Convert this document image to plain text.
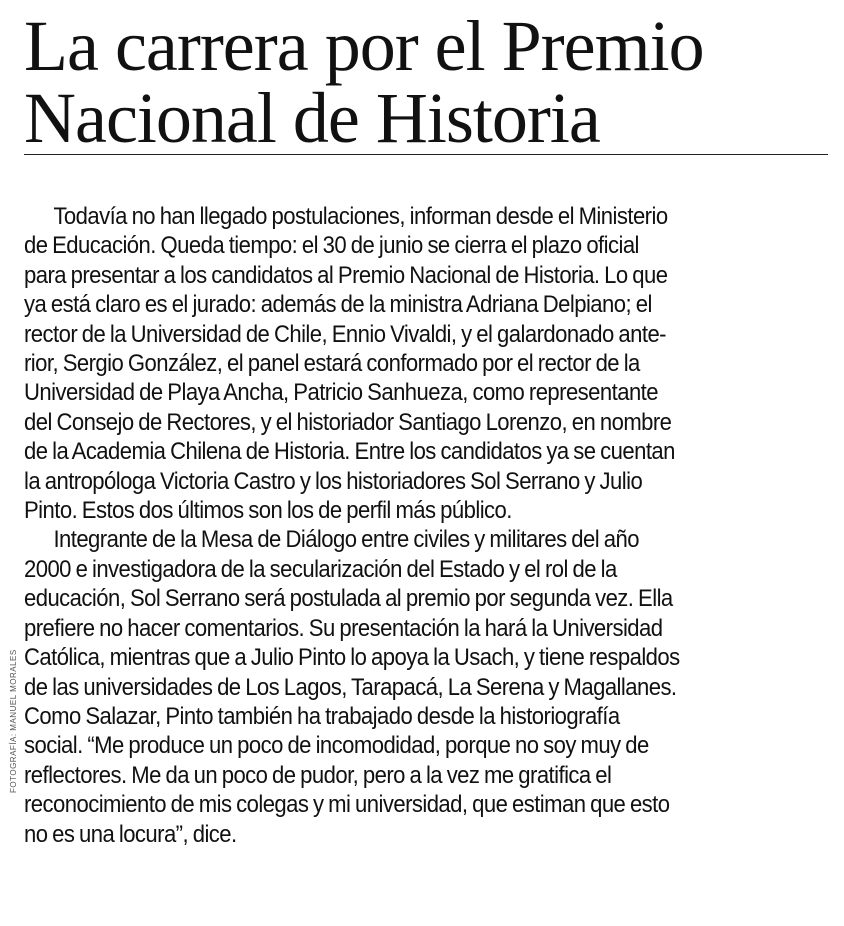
FOTOGRAFÍA: MANUEL MORALES
La carrera por el Premio
Nacional de Historia
Todavía no han llegado postulaciones, informan desde el Ministerio
de Educación. Queda tiempo: el 30 de junio se cierra el plazo oficial
para presentar a los candidatos al Premio Nacional de Historia. Lo que
ya está claro es el jurado: además de la ministra Adriana Delpiano; el
rector de la Universidad de Chile, Ennio Vivaldi, y el galardonado ante-
rior, Sergio González, el panel estará conformado por el rector de la
Universidad de Playa Ancha, Patricio Sanhueza, como representante
del Consejo de Rectores, y el historiador Santiago Lorenzo, en nombre
de la Academia Chilena de Historia. Entre los candidatos ya se cuentan
la antropóloga Victoria Castro y los historiadores Sol Serrano y Julio
Pinto. Estos dos últimos son los de perfil más público.
Integrante de la Mesa de Diálogo entre civiles y militares del año
2000 e investigadora de la secularización del Estado y el rol de la
educación, Sol Serrano será postulada al premio por segunda vez. Ella
prefiere no hacer comentarios. Su presentación la hará la Universidad
Católica, mientras que a Julio Pinto lo apoya la Usach, y tiene respaldos
de las universidades de Los Lagos, Tarapacá, La Serena y Magallanes.
Como Salazar, Pinto también ha trabajado desde la historiografía
social. “Me produce un poco de incomodidad, porque no soy muy de
reflectores. Me da un poco de pudor, pero a la vez me gratifica el
reconocimiento de mis colegas y mi universidad, que estiman que esto
no es una locura”, dice.
